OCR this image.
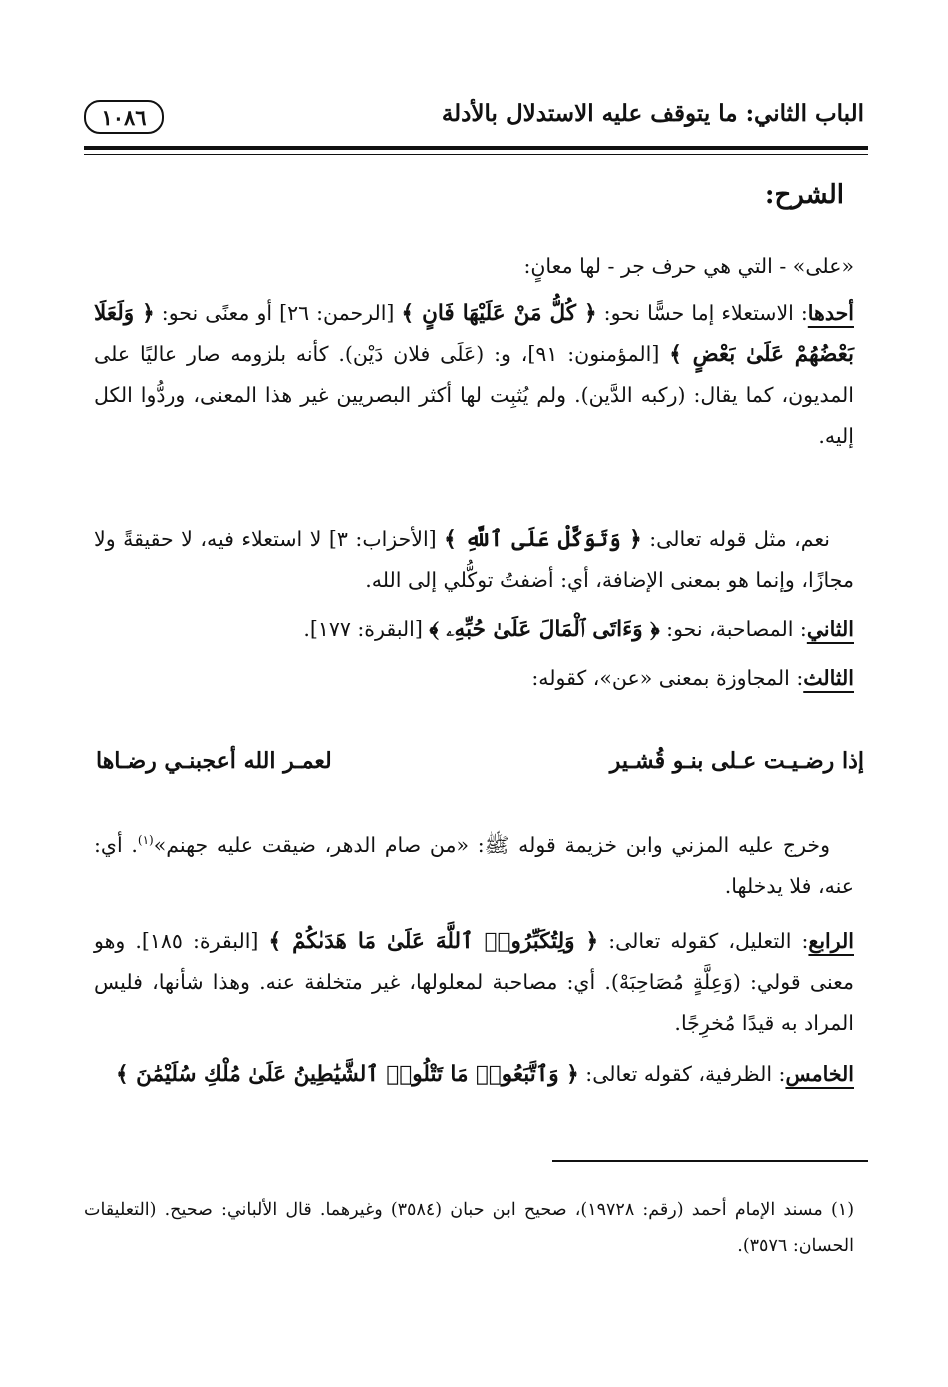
١٠٨٦	الباب الثاني: ما يتوقف عليه الاستدلال بالأدلة
الشرح:

«على» - التي هي حرف جر - لها معانٍ:

أحدها: الاستعلاء إما حسًّا نحو: ﴿ كُلُّ مَنْ عَلَيْهَا فَانٍ ﴾ [الرحمن: ٢٦] أو معنًى نحو: ﴿ وَلَعَلَا بَعْضُهُمْ عَلَىٰ بَعْضٍ ﴾ [المؤمنون: ٩١]، و: (عَلَى فلان دَيْن). كأنه بلزومه صار عاليًا على المديون، كما يقال: (ركبه الدَّين). ولم يُثبِت لها أكثر البصريين غير هذا المعنى، وردُّوا الكل إليه.

نعم، مثل قوله تعالى: ﴿ وَتَوَكَّلْ عَلَى ٱللَّهِ ﴾ [الأحزاب: ٣] لا استعلاء فيه، لا حقيقةً ولا مجازًا، وإنما هو بمعنى الإضافة، أي: أضفتُ توكُّلي إلى الله.

الثاني: المصاحبة، نحو: ﴿ وَءَاتَى ٱلْمَالَ عَلَىٰ حُبِّهِۦ ﴾ [البقرة: ١٧٧].

الثالث: المجاوزة بمعنى «عن»، كقوله:

إذا رضـيـت عـلى بنـو قُشـير
لعمـر الله أعجبنـي رضـاها

وخرج عليه المزني وابن خزيمة قوله ﷺ: «من صام الدهر، ضيقت عليه جهنم»$^{(١)}$. أي: عنه، فلا يدخلها.

الرابع: التعليل، كقوله تعالى: ﴿ وَلِتُكَبِّرُوا۟ ٱللَّهَ عَلَىٰ مَا هَدَىٰكُمْ ﴾ [البقرة: ١٨٥]. وهو معنى قولي: (وَعِلَّةٍ مُصَاحِبَهْ). أي: مصاحبة لمعلولها، غير متخلفة عنه. وهذا شأنها، فليس المراد به قيدًا مُخرِجًا.

الخامس: الظرفية، كقوله تعالى: ﴿ وَٱتَّبَعُوا۟ مَا تَتْلُوا۟ ٱلشَّيَٰطِينُ عَلَىٰ مُلْكِ سُلَيْمَٰنَ ﴾

(١) مسند الإمام أحمد (رقم: ١٩٧٢٨)، صحيح ابن حبان (٣٥٨٤) وغيرهما. قال الألباني: صحيح. (التعليقات الحسان: ٣٥٧٦).
